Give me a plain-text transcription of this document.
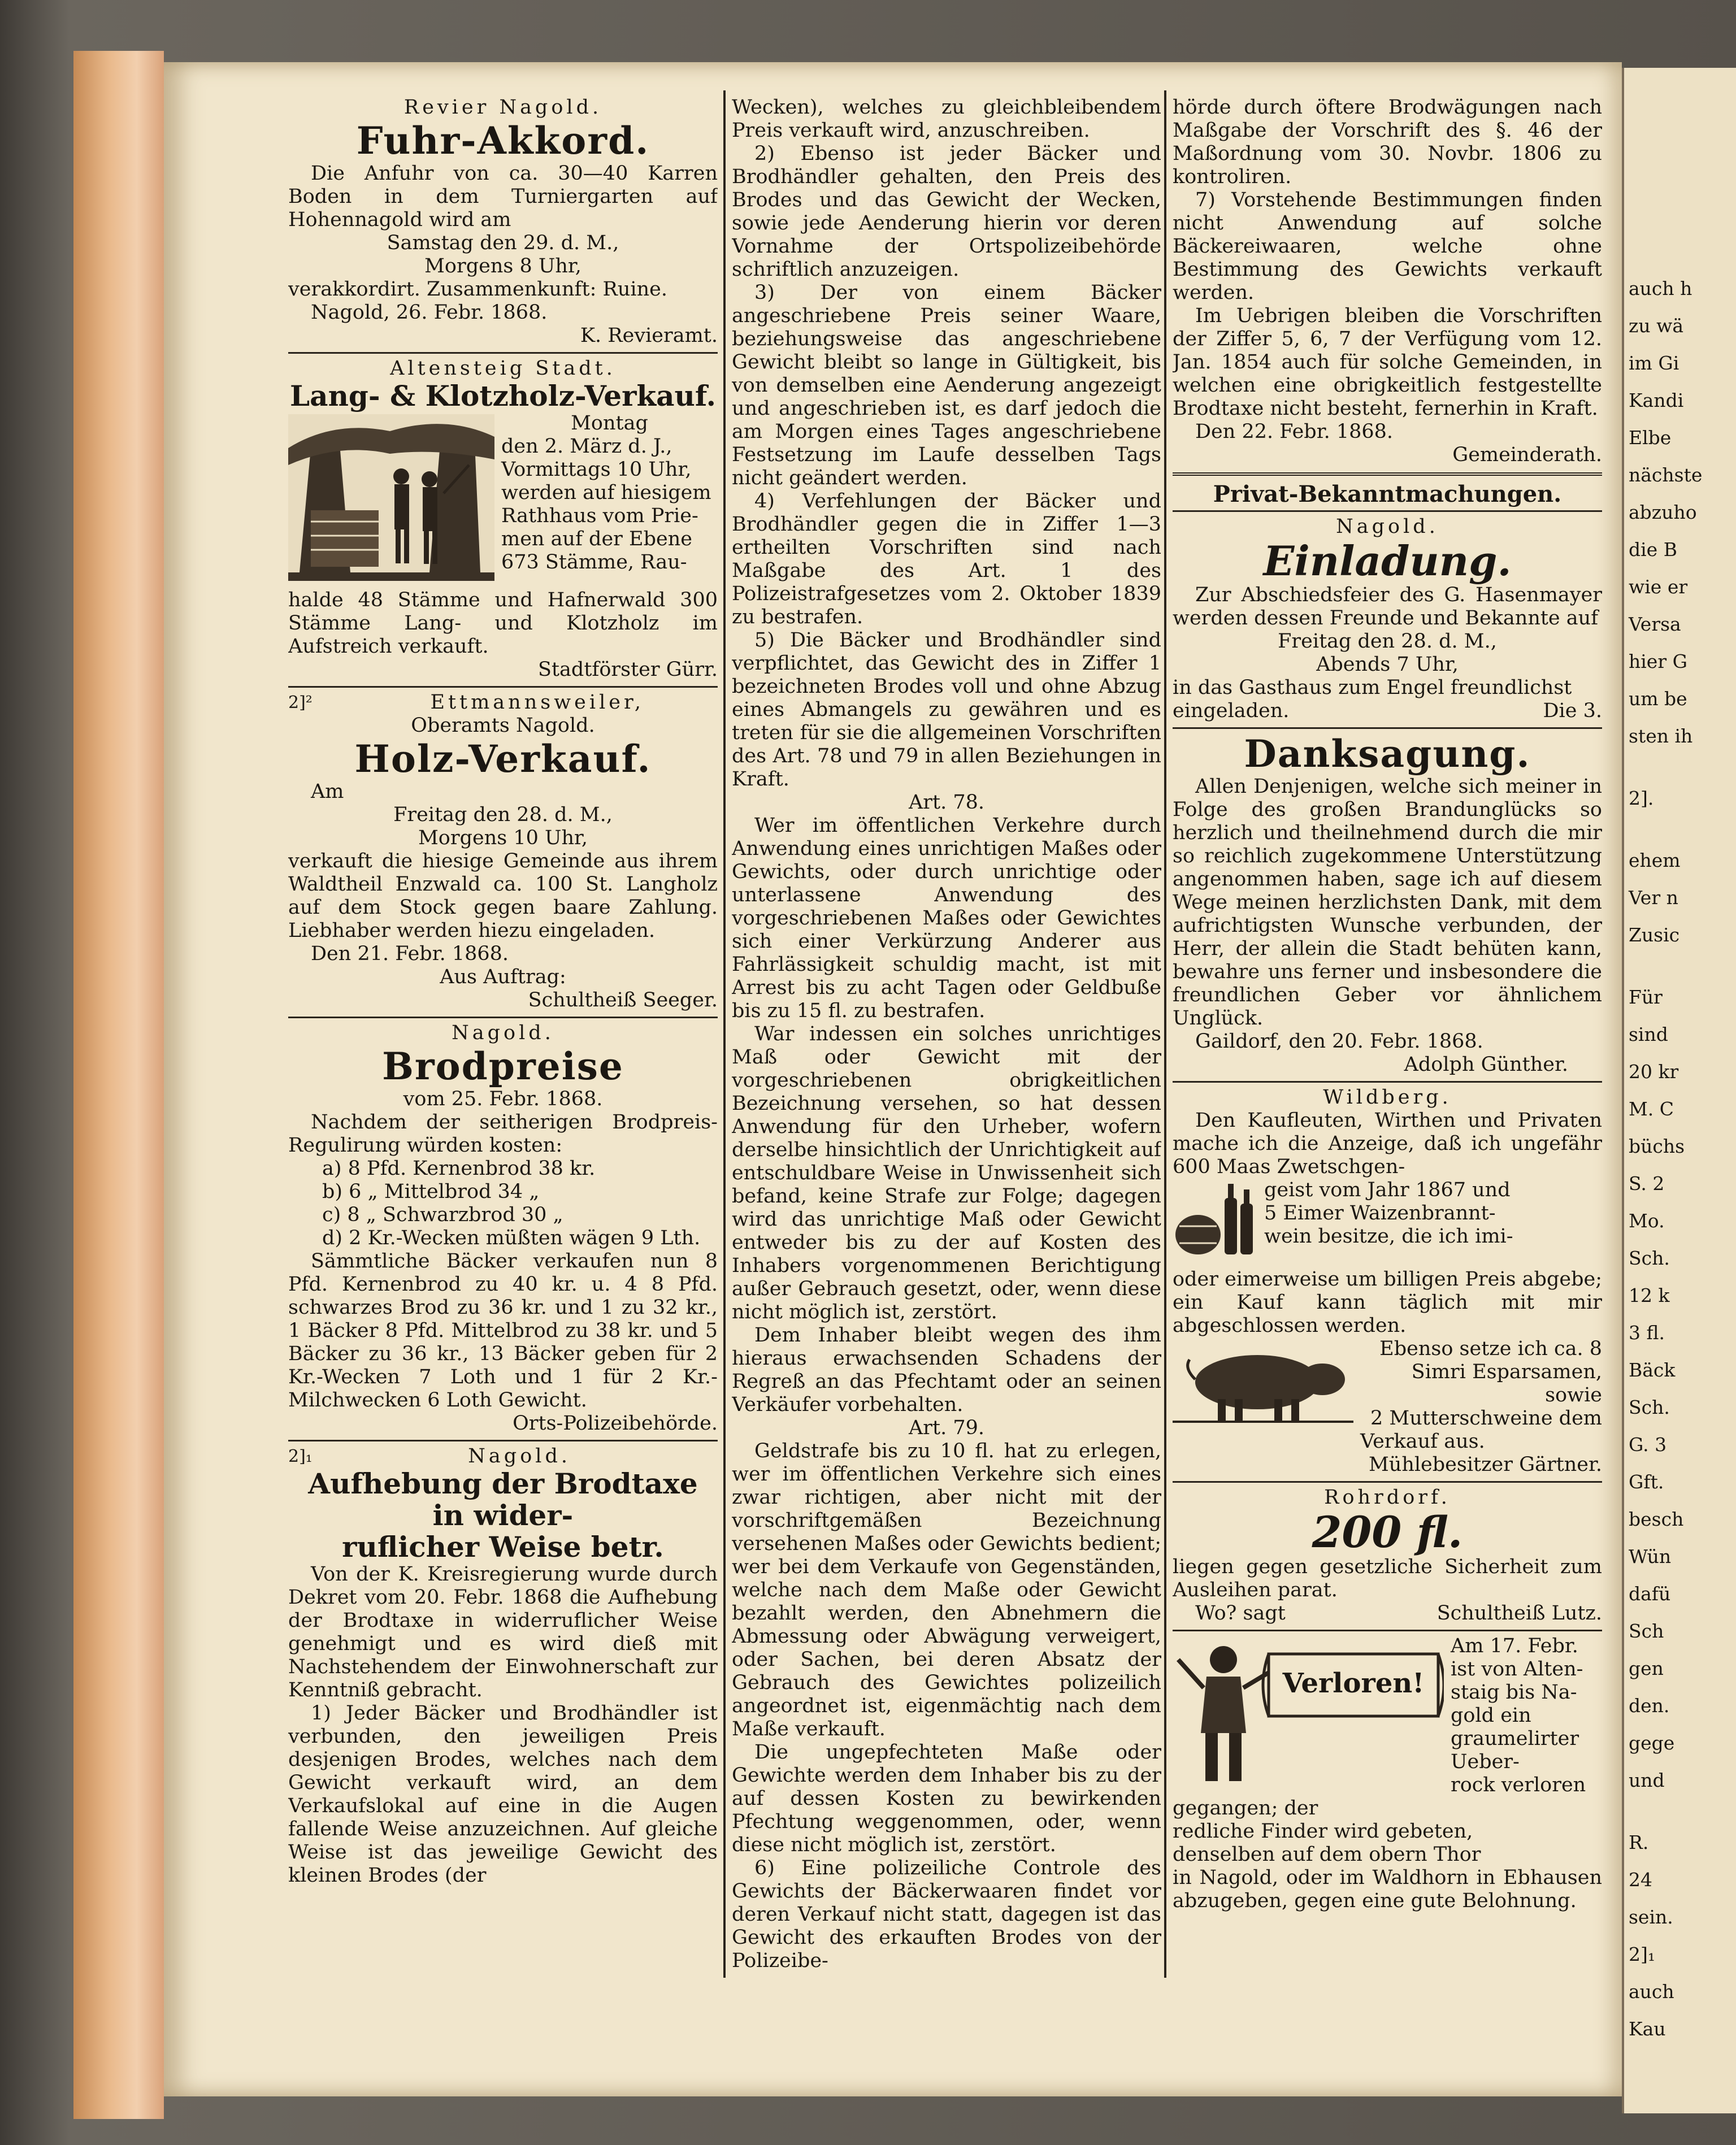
Revier Nagold.

Fuhr-Akkord.

Die Anfuhr von ca. 30—40 Karren Boden in dem Turniergarten auf Hohennagold wird am

Samstag den 29. d. M.,

Morgens 8 Uhr,

verakkordirt. Zusammenkunft: Ruine.

Nagold, 26. Febr. 1868.

K. Revieramt.

Altensteig Stadt.

Lang- & Klotzholz-Verkauf.

Montag

den 2. März d. J.,

Vormittags 10 Uhr,

werden auf hiesigem

Rathhaus vom Prie-

men auf der Ebene

673 Stämme, Rau-

halde 48 Stämme und Hafnerwald 300 Stämme Lang- und Klotzholz im Aufstreich verkauft.

Stadtförster Gürr.

2]²	Ettmannsweiler,

Oberamts Nagold.

Holz-Verkauf.

Am

Freitag den 28. d. M.,

Morgens 10 Uhr,

verkauft die hiesige Gemeinde aus ihrem Waldtheil Enzwald ca. 100 St. Langholz auf dem Stock gegen baare Zahlung. Liebhaber werden hiezu eingeladen.

Den 21. Febr. 1868.

Aus Auftrag:

Schultheiß Seeger.

Nagold.

Brodpreise

vom 25. Febr. 1868.

Nachdem der seitherigen Brodpreis-Regulirung würden kosten:

a) 8 Pfd. Kernenbrod 38 kr.

b) 6 „ Mittelbrod 34 „

c) 8 „ Schwarzbrod 30 „

d) 2 Kr.-Wecken müßten wägen 9 Lth.

Sämmtliche Bäcker verkaufen nun 8 Pfd. Kernenbrod zu 40 kr. u. 4 8 Pfd. schwarzes Brod zu 36 kr. und 1 zu 32 kr., 1 Bäcker 8 Pfd. Mittelbrod zu 38 kr. und 5 Bäcker zu 36 kr., 13 Bäcker geben für 2 Kr.-Wecken 7 Loth und 1 für 2 Kr.-Milchwecken 6 Loth Gewicht.

Orts-Polizeibehörde.

2]₁	Nagold.

Aufhebung der Brodtaxe in wider-

ruflicher Weise betr.

Von der K. Kreisregierung wurde durch Dekret vom 20. Febr. 1868 die Aufhebung der Brodtaxe in widerruflicher Weise genehmigt und es wird dieß mit Nachstehendem der Einwohnerschaft zur Kenntniß gebracht.

1) Jeder Bäcker und Brodhändler ist verbunden, den jeweiligen Preis desjenigen Brodes, welches nach dem Gewicht verkauft wird, an dem Verkaufslokal auf eine in die Augen fallende Weise anzuzeichnen. Auf gleiche Weise ist das jeweilige Gewicht des kleinen Brodes (der

Wecken), welches zu gleichbleibendem Preis verkauft wird, anzuschreiben.

2) Ebenso ist jeder Bäcker und Brodhändler gehalten, den Preis des Brodes und das Gewicht der Wecken, sowie jede Aenderung hierin vor deren Vornahme der Ortspolizeibehörde schriftlich anzuzeigen.

3) Der von einem Bäcker angeschriebene Preis seiner Waare, beziehungsweise das angeschriebene Gewicht bleibt so lange in Gültigkeit, bis von demselben eine Aenderung angezeigt und angeschrieben ist, es darf jedoch die am Morgen eines Tages angeschriebene Festsetzung im Laufe desselben Tags nicht geändert werden.

4) Verfehlungen der Bäcker und Brodhändler gegen die in Ziffer 1—3 ertheilten Vorschriften sind nach Maßgabe des Art. 1 des Polizeistrafgesetzes vom 2. Oktober 1839 zu bestrafen.

5) Die Bäcker und Brodhändler sind verpflichtet, das Gewicht des in Ziffer 1 bezeichneten Brodes voll und ohne Abzug eines Abmangels zu gewähren und es treten für sie die allgemeinen Vorschriften des Art. 78 und 79 in allen Beziehungen in Kraft.

Art. 78.

Wer im öffentlichen Verkehre durch Anwendung eines unrichtigen Maßes oder Gewichts, oder durch unrichtige oder unterlassene Anwendung des vorgeschriebenen Maßes oder Gewichtes sich einer Verkürzung Anderer aus Fahrlässigkeit schuldig macht, ist mit Arrest bis zu acht Tagen oder Geldbuße bis zu 15 fl. zu bestrafen.

War indessen ein solches unrichtiges Maß oder Gewicht mit der vorgeschriebenen obrigkeitlichen Bezeichnung versehen, so hat dessen Anwendung für den Urheber, wofern derselbe hinsichtlich der Unrichtigkeit auf entschuldbare Weise in Unwissenheit sich befand, keine Strafe zur Folge; dagegen wird das unrichtige Maß oder Gewicht entweder bis zu der auf Kosten des Inhabers vorgenommenen Berichtigung außer Gebrauch gesetzt, oder, wenn diese nicht möglich ist, zerstört.

Dem Inhaber bleibt wegen des ihm hieraus erwachsenden Schadens der Regreß an das Pfechtamt oder an seinen Verkäufer vorbehalten.

Art. 79.

Geldstrafe bis zu 10 fl. hat zu erlegen, wer im öffentlichen Verkehre sich eines zwar richtigen, aber nicht mit der vorschriftgemäßen Bezeichnung versehenen Maßes oder Gewichts bedient; wer bei dem Verkaufe von Gegenständen, welche nach dem Maße oder Gewicht bezahlt werden, den Abnehmern die Abmessung oder Abwägung verweigert, oder Sachen, bei deren Absatz der Gebrauch des Gewichtes polizeilich angeordnet ist, eigenmächtig nach dem Maße verkauft.

Die ungepfechteten Maße oder Gewichte werden dem Inhaber bis zu der auf dessen Kosten zu bewirkenden Pfechtung weggenommen, oder, wenn diese nicht möglich ist, zerstört.

6) Eine polizeiliche Controle des Gewichts der Bäckerwaaren findet vor deren Verkauf nicht statt, dagegen ist das Gewicht des erkauften Brodes von der Polizeibe-

hörde durch öftere Brodwägungen nach Maßgabe der Vorschrift des §. 46 der Maßordnung vom 30. Novbr. 1806 zu kontroliren.

7) Vorstehende Bestimmungen finden nicht Anwendung auf solche Bäckereiwaaren, welche ohne Bestimmung des Gewichts verkauft werden.

Im Uebrigen bleiben die Vorschriften der Ziffer 5, 6, 7 der Verfügung vom 12. Jan. 1854 auch für solche Gemeinden, in welchen eine obrigkeitlich festgestellte Brodtaxe nicht besteht, fernerhin in Kraft.

Den 22. Febr. 1868.

Gemeinderath.

Privat-Bekanntmachungen.

Nagold.

Einladung.

Zur Abschiedsfeier des G. Hasenmayer werden dessen Freunde und Bekannte auf

Freitag den 28. d. M.,

Abends 7 Uhr,

in das Gasthaus zum Engel freundlichst

eingeladen.	Die 3.

Danksagung.

Allen Denjenigen, welche sich meiner in Folge des großen Brandunglücks so herzlich und theilnehmend durch die mir so reichlich zugekommene Unterstützung angenommen haben, sage ich auf diesem Wege meinen herzlichsten Dank, mit dem aufrichtigsten Wunsche verbunden, der Herr, der allein die Stadt behüten kann, bewahre uns ferner und insbesondere die freundlichen Geber vor ähnlichem Unglück.

Gaildorf, den 20. Febr. 1868.

Adolph Günther.

Wildberg.

Den Kaufleuten, Wirthen und Privaten mache ich die Anzeige, daß ich ungefähr 600 Maas Zwetschgen-

geist vom Jahr 1867 und

5 Eimer Waizenbrannt-

wein besitze, die ich imi-

oder eimerweise um billigen Preis abgebe; ein Kauf kann täglich mit mir abgeschlossen werden.

Ebenso setze ich ca. 8

Simri Esparsamen, sowie

2 Mutterschweine dem

Verkauf aus.

Mühlebesitzer Gärtner.

Rohrdorf.

200 fl.

liegen gegen gesetzliche Sicherheit zum Ausleihen parat.

Wo? sagt	Schultheiß Lutz.

Am 17. Febr.

ist von Alten-

staig bis Na-

gold ein graumelirter Ueber-

rock verloren gegangen; der

redliche Finder wird gebeten,

denselben auf dem obern Thor

in Nagold, oder im Waldhorn in Ebhausen abzugeben, gegen eine gute Belohnung.

Verloren!
auch h
zu wä
im Gi
Kandi
Elbe
nächste
abzuho
die B
wie er
Versa
hier G
um be
sten ih
2].
ehem
Ver n
Zusic
Für
sind
20 kr
M. C
büchs
S. 2
Mo.
Sch.
12 k
3 fl.
Bäck
Sch.
G. 3
Gft.
besch
Wün
dafü
Sch
gen
den.
gege
und
R.
24
sein.
2]₁
auch
Kau
